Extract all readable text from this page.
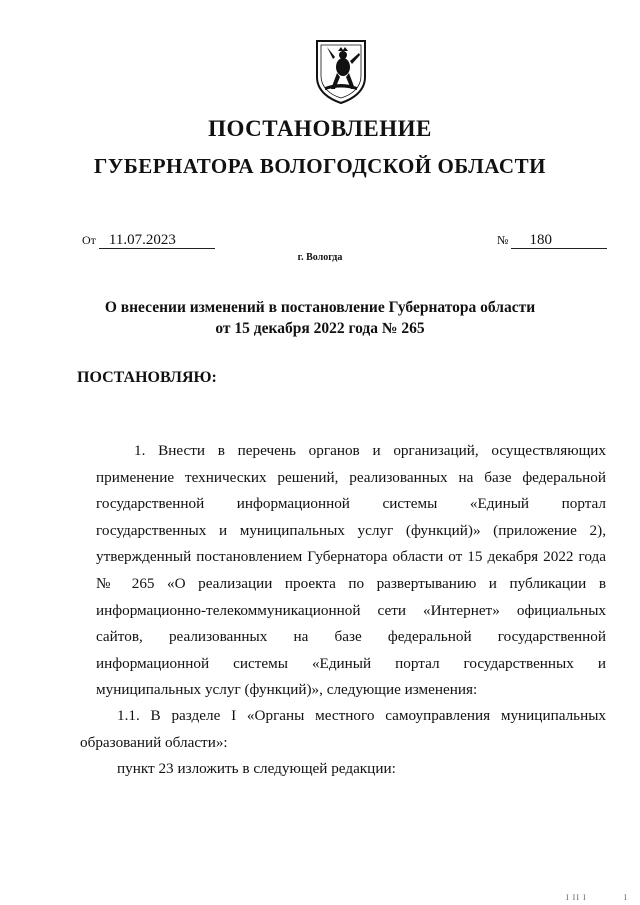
ПОСТАНОВЛЕНИЕ
ГУБЕРНАТОРА ВОЛОГОДСКОЙ ОБЛАСТИ
От 11.07.2023	№ 180
г. Вологда
О внесении изменений в постановление Губернатора области
от 15 декабря 2022 года № 265
ПОСТАНОВЛЯЮ:
1. Внести в перечень органов и организаций, осуществляющих
применение технических решений, реализованных на базе федеральной
государственной информационной системы «Единый портал
государственных и муниципальных услуг (функций)» (приложение 2),
утвержденный постановлением Губернатора области от 15 декабря 2022 года
№ 265 «О реализации проекта по развертыванию и публикации в
информационно-телекоммуникационной сети «Интернет» официальных
сайтов, реализованных на базе федеральной государственной
информационной системы «Единый портал государственных и
муниципальных услуг (функций)», следующие изменения:
1.1. В разделе I «Органы местного самоуправления муниципальных
образований области»:
пункт 23 изложить в следующей редакции:
I II I	I
